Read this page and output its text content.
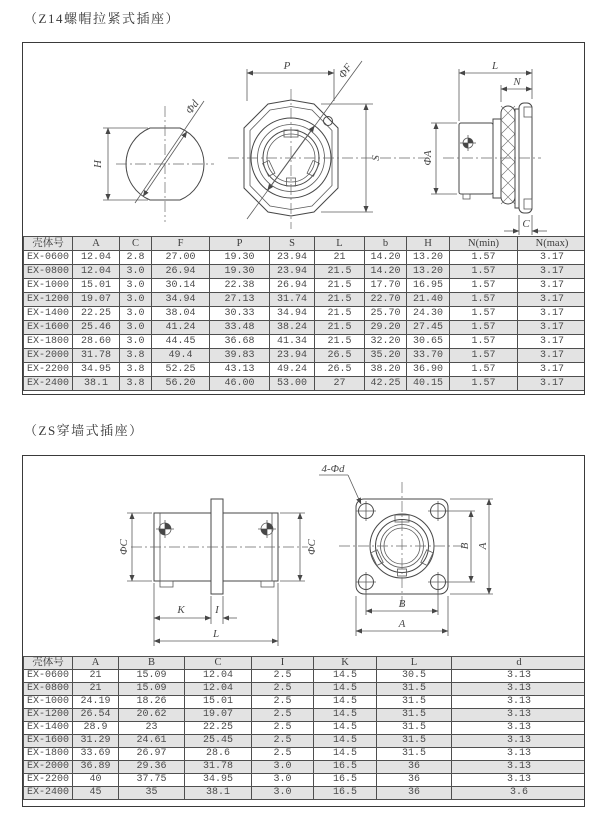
（Z14螺帽拉紧式插座）
H
Φd
P	ΦF
S
L
N
ΦA
C
壳体号	A	C	F	P	S	L	b	H	N(min)	N(max)
EX-0600	12.04	2.8	27.00	19.30	23.94	21	14.20	13.20	1.57	3.17
EX-0800	12.04	3.0	26.94	19.30	23.94	21.5	14.20	13.20	1.57	3.17
EX-1000	15.01	3.0	30.14	22.38	26.94	21.5	17.70	16.95	1.57	3.17
EX-1200	19.07	3.0	34.94	27.13	31.74	21.5	22.70	21.40	1.57	3.17
EX-1400	22.25	3.0	38.04	30.33	34.94	21.5	25.70	24.30	1.57	3.17
EX-1600	25.46	3.0	41.24	33.48	38.24	21.5	29.20	27.45	1.57	3.17
EX-1800	28.60	3.0	44.45	36.68	41.34	21.5	32.20	30.65	1.57	3.17
EX-2000	31.78	3.8	49.4	39.83	23.94	26.5	35.20	33.70	1.57	3.17
EX-2200	34.95	3.8	52.25	43.13	49.24	26.5	38.20	36.90	1.57	3.17
EX-2400	38.1	3.8	56.20	46.00	53.00	27	42.25	40.15	1.57	3.17
（ZS穿墙式插座）
ΦC	ΦC
K	I
L
4-Φd
B A
B
A
壳体号	A	B	C	I	K	L	d
EX-0600	21	15.09	12.04	2.5	14.5	30.5	3.13
EX-0800	21	15.09	12.04	2.5	14.5	31.5	3.13
EX-1000	24.19	18.26	15.01	2.5	14.5	31.5	3.13
EX-1200	26.54	20.62	19.07	2.5	14.5	31.5	3.13
EX-1400	28.9	23	22.25	2.5	14.5	31.5	3.13
EX-1600	31.29	24.61	25.45	2.5	14.5	31.5	3.13
EX-1800	33.69	26.97	28.6	2.5	14.5	31.5	3.13
EX-2000	36.89	29.36	31.78	3.0	16.5	36	3.13
EX-2200	40	37.75	34.95	3.0	16.5	36	3.13
EX-2400	45	35	38.1	3.0	16.5	36	3.6
